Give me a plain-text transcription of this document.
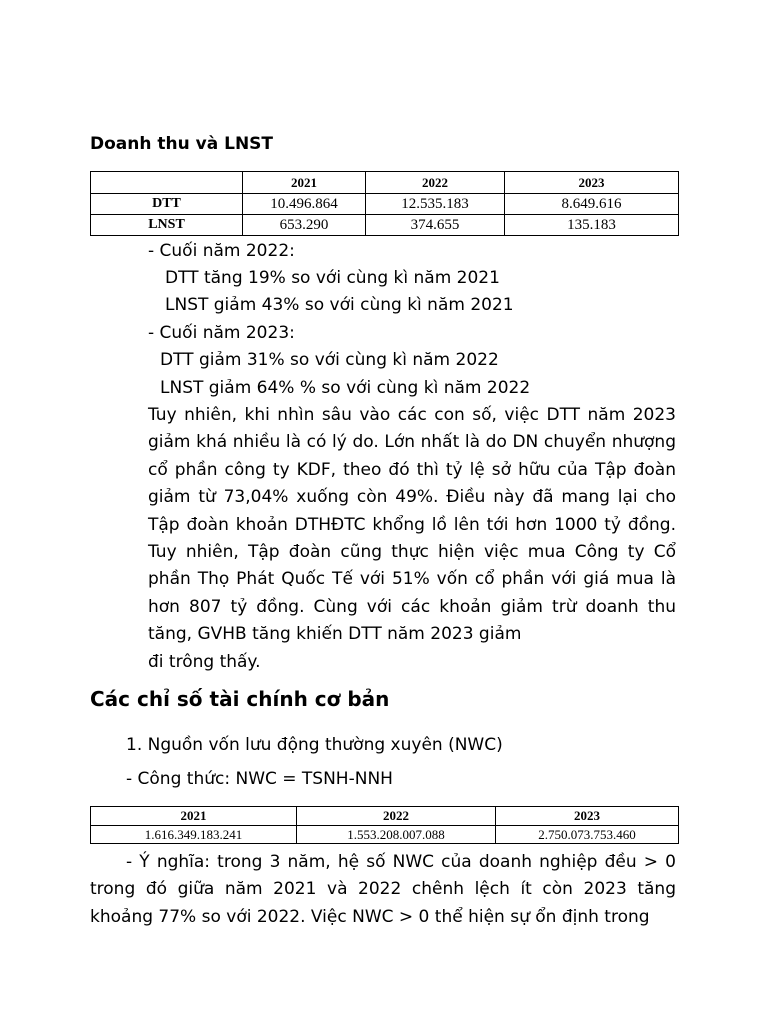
Doanh thu và LNST
	2021	2022	2023
DTT	10.496.864	12.535.183	8.649.616
LNST	653.290	374.655	135.183
- Cuối năm 2022:
DTT tăng 19% so với cùng kì năm 2021
LNST giảm 43% so với cùng kì năm 2021
- Cuối năm 2023:
DTT giảm 31% so với cùng kì năm 2022
LNST giảm 64% % so với cùng kì năm 2022
Tuy nhiên, khi nhìn sâu vào các con số, việc DTT năm 2023 giảm khá nhiều là có lý do. Lớn nhất là do DN chuyển nhượng cổ phần công ty KDF, theo đó thì tỷ lệ sở hữu của Tập đoàn giảm từ 73,04% xuống còn 49%. Điều này đã mang lại cho Tập đoàn khoản DTHĐTC khổng lồ lên tới hơn 1000 tỷ đồng. Tuy nhiên, Tập đoàn cũng thực hiện việc mua Công ty Cổ phần Thọ Phát Quốc Tế với 51% vốn cổ phần với giá mua là hơn 807 tỷ đồng. Cùng với các khoản giảm trừ doanh thu tăng, GVHB tăng khiến DTT năm 2023 giảm
đi trông thấy.
Các chỉ số tài chính cơ bản
1. Nguồn vốn lưu động thường xuyên (NWC)
- Công thức: NWC = TSNH-NNH
2021	2022	2023
1.616.349.183.241	1.553.208.007.088	2.750.073.753.460
- Ý nghĩa: trong 3 năm, hệ số NWC của doanh nghiệp đều > 0 trong đó giữa năm 2021 và 2022 chênh lệch ít còn 2023 tăng khoảng 77% so với 2022. Việc NWC > 0 thể hiện sự ổn định trong
